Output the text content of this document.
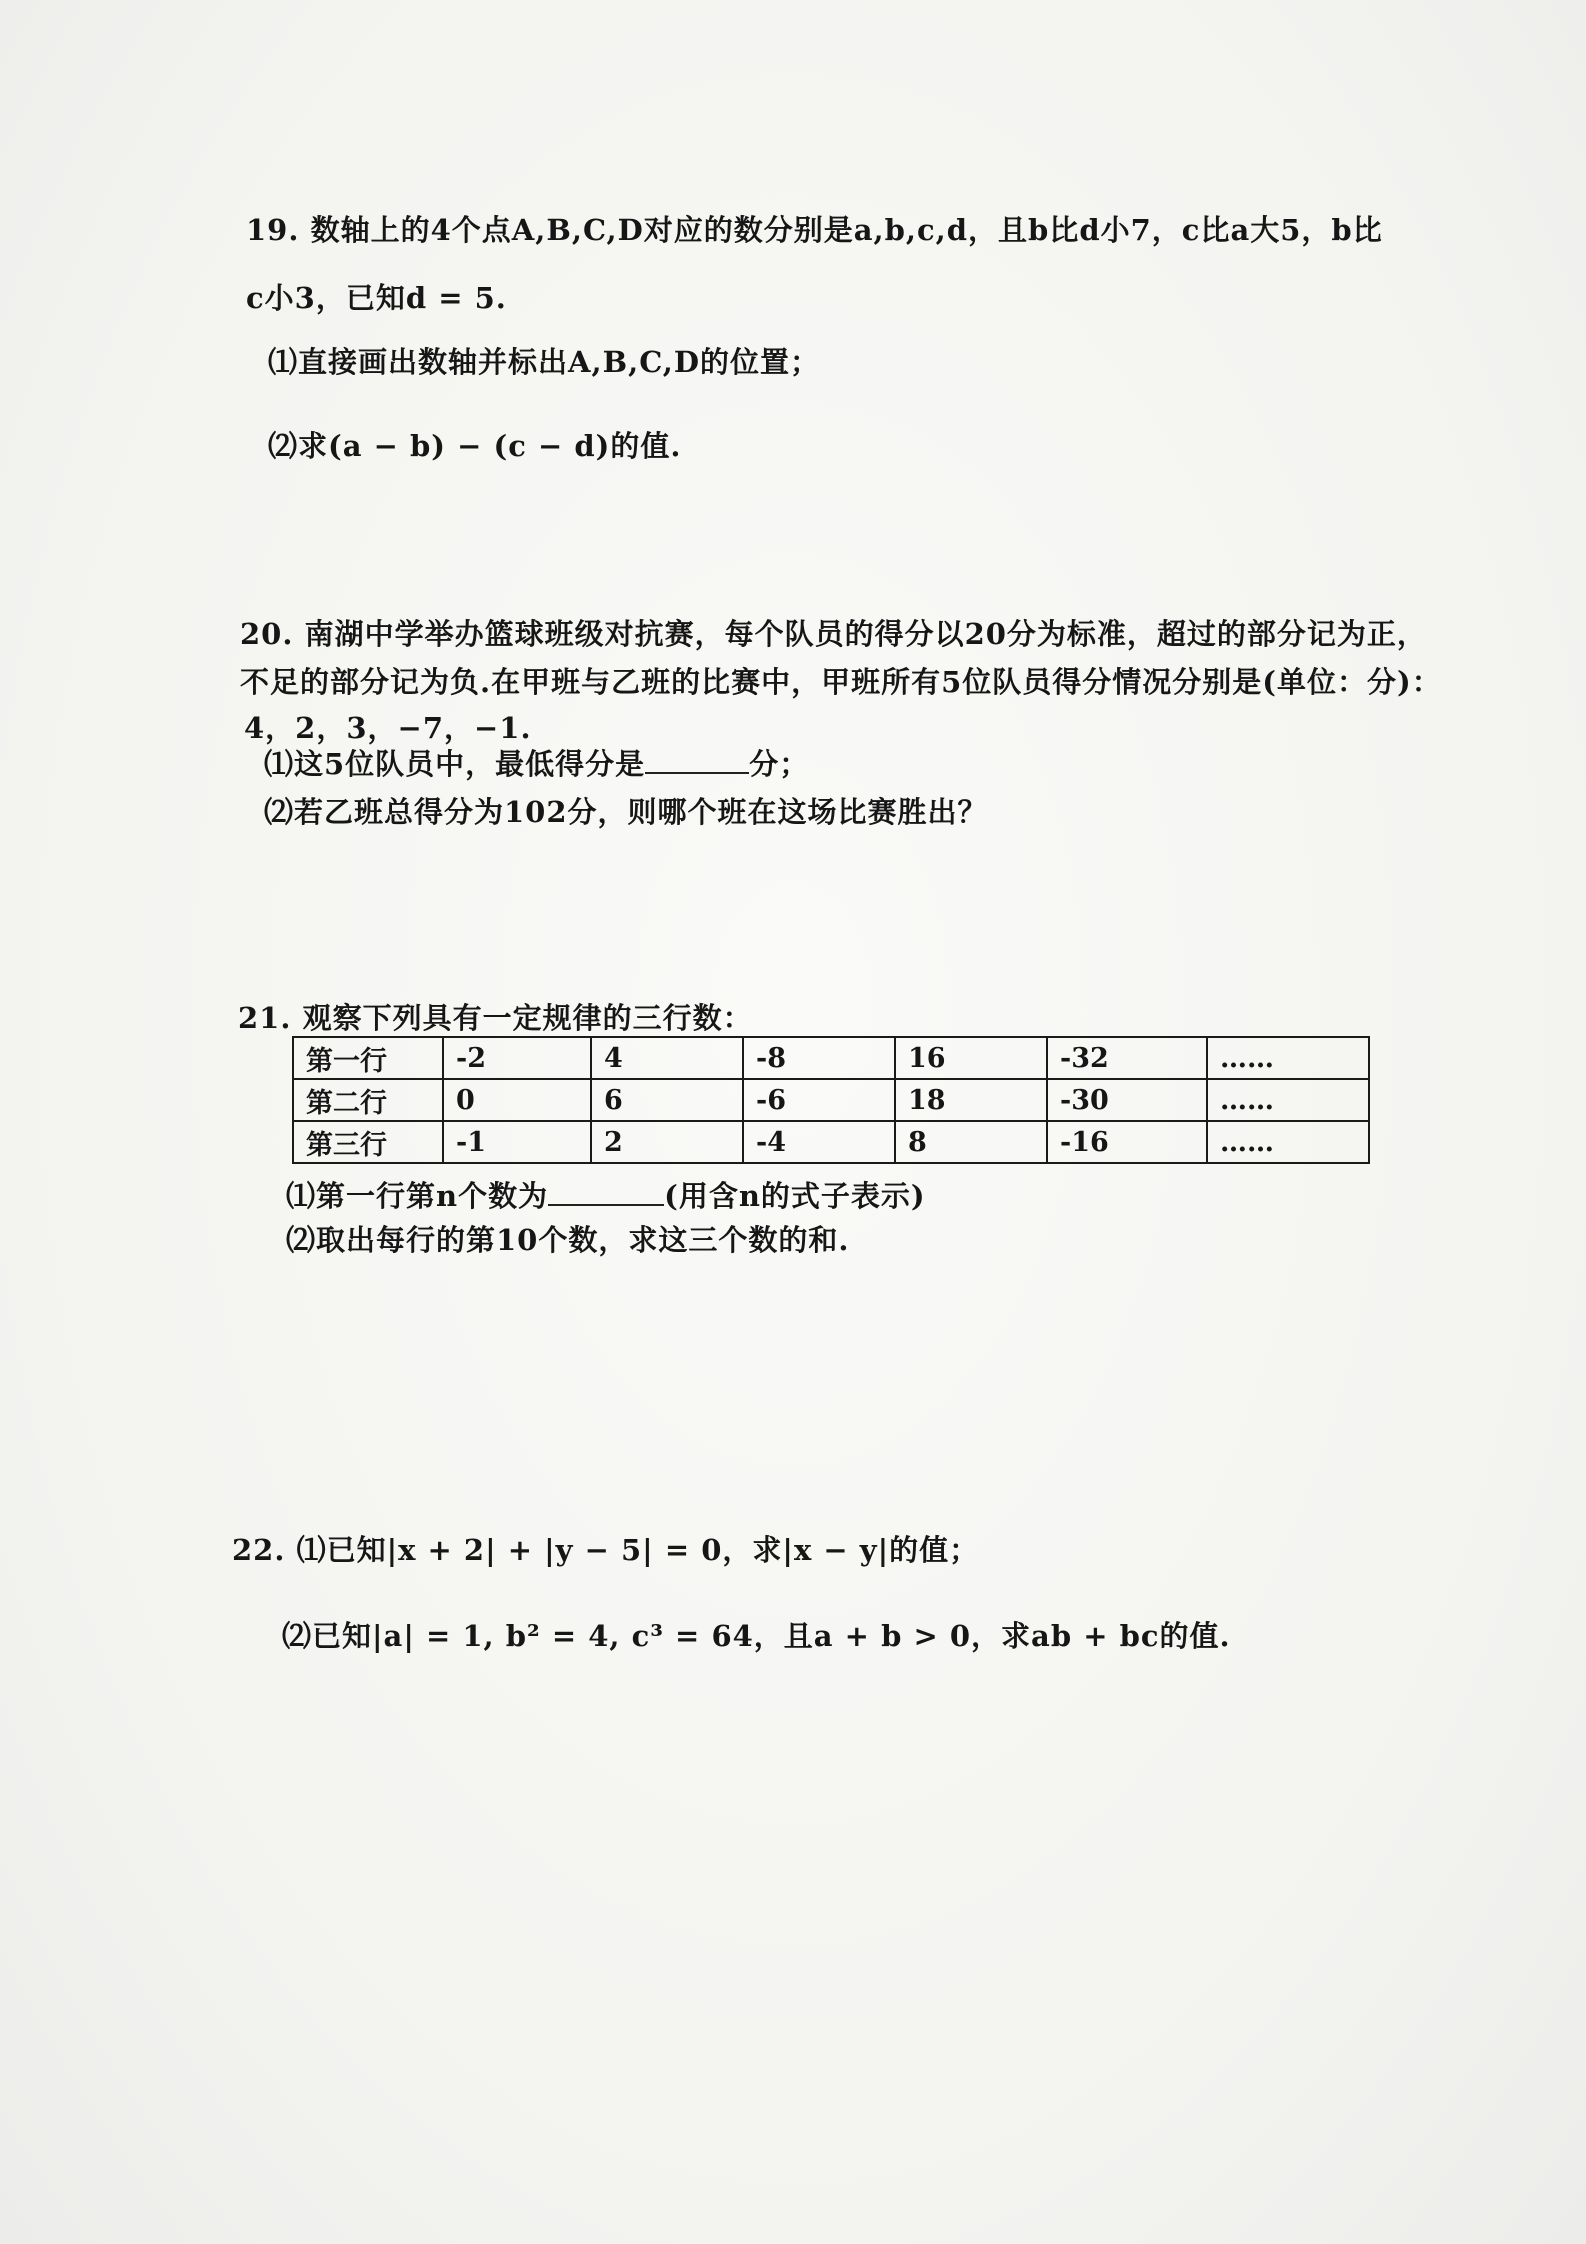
19. 数轴上的4个点A,B,C,D对应的数分别是a,b,c,d，且b比d小7，c比a大5，b比
c小3，已知d = 5.
⑴直接画出数轴并标出A,B,C,D的位置；
⑵求(a − b) − (c − d)的值.
20. 南湖中学举办篮球班级对抗赛，每个队员的得分以20分为标准，超过的部分记为正，
不足的部分记为负.在甲班与乙班的比赛中，甲班所有5位队员得分情况分别是(单位：分)：
4，2，3，−7，−1.
⑴这5位队员中，最低得分是	分；
⑵若乙班总得分为102分，则哪个班在这场比赛胜出？
21. 观察下列具有一定规律的三行数：
第一行	-2	4	-8	16	-32	……
第二行	0	6	-6	18	-30	……
第三行	-1	2	-4	8	-16	……
⑴第一行第n个数为	(用含n的式子表示)
⑵取出每行的第10个数，求这三个数的和.
22. ⑴已知|x + 2| + |y − 5| = 0，求|x − y|的值；
⑵已知|a| = 1, b² = 4, c³ = 64，且a + b > 0，求ab + bc的值.
